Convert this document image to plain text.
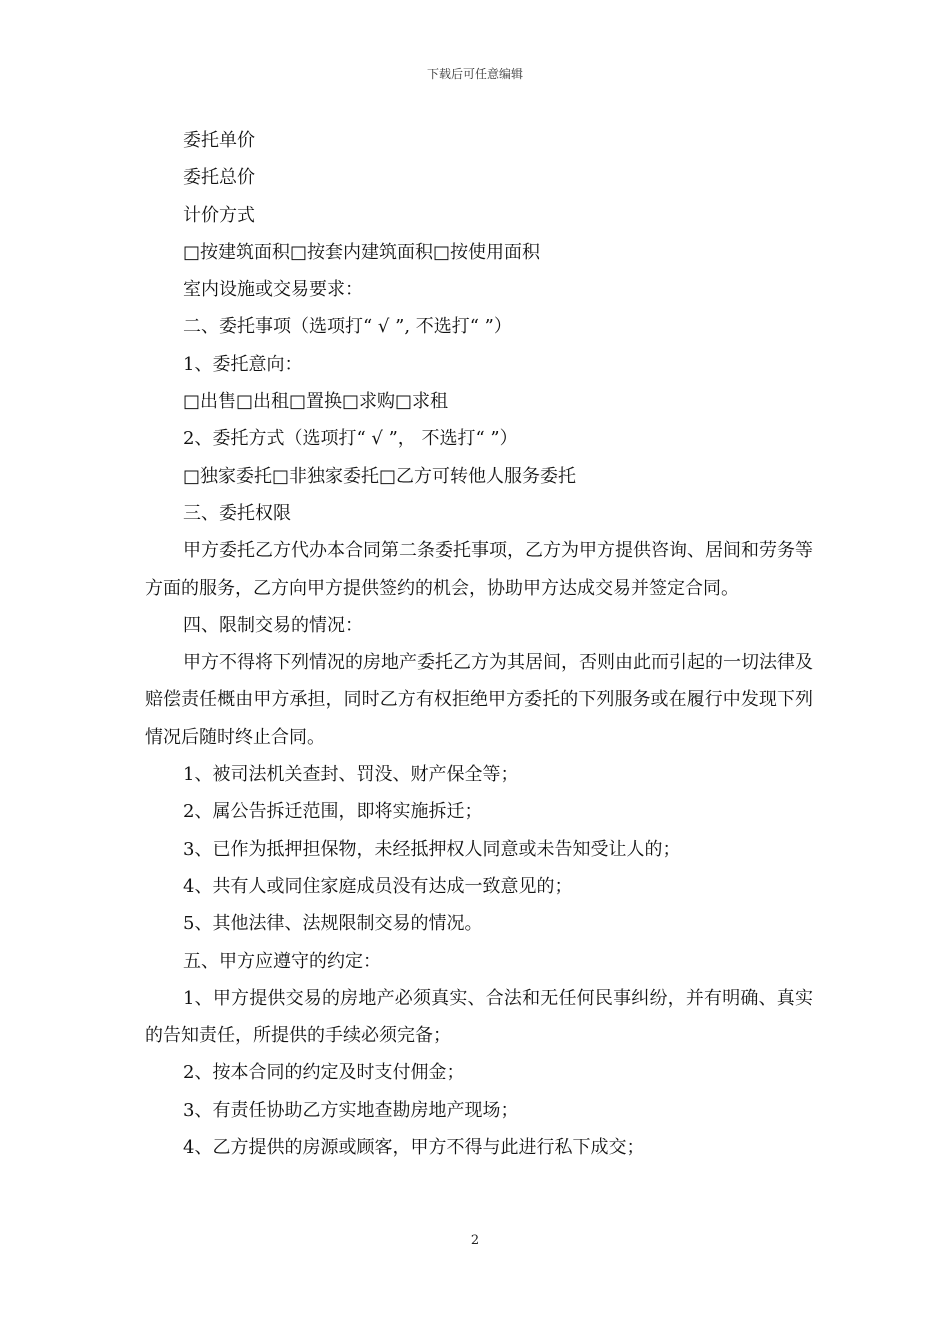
下载后可任意编辑
委托单价
委托总价
计价方式
□按建筑面积□按套内建筑面积□按使用面积
室内设施或交易要求：
二、委托事项（选项打“ √ ”, 不选打“ ”）
1、委托意向：
□出售□出租□置换□求购□求租
2、委托方式（选项打“ √ ”， 不选打“ ”）
□独家委托□非独家委托□乙方可转他人服务委托
三、委托权限
甲方委托乙方代办本合同第二条委托事项，乙方为甲方提供咨询、居间和劳务等方面的服务，乙方向甲方提供签约的机会，协助甲方达成交易并签定合同。
四、限制交易的情况：
甲方不得将下列情况的房地产委托乙方为其居间，否则由此而引起的一切法律及赔偿责任概由甲方承担，同时乙方有权拒绝甲方委托的下列服务或在履行中发现下列情况后随时终止合同。
1、被司法机关查封、罚没、财产保全等；
2、属公告拆迁范围，即将实施拆迁；
3、已作为抵押担保物，未经抵押权人同意或未告知受让人的；
4、共有人或同住家庭成员没有达成一致意见的；
5、其他法律、法规限制交易的情况。
五、甲方应遵守的约定：
1、甲方提供交易的房地产必须真实、合法和无任何民事纠纷，并有明确、真实的告知责任，所提供的手续必须完备；
2、按本合同的约定及时支付佣金；
3、有责任协助乙方实地查勘房地产现场；
4、乙方提供的房源或顾客，甲方不得与此进行私下成交；
2
